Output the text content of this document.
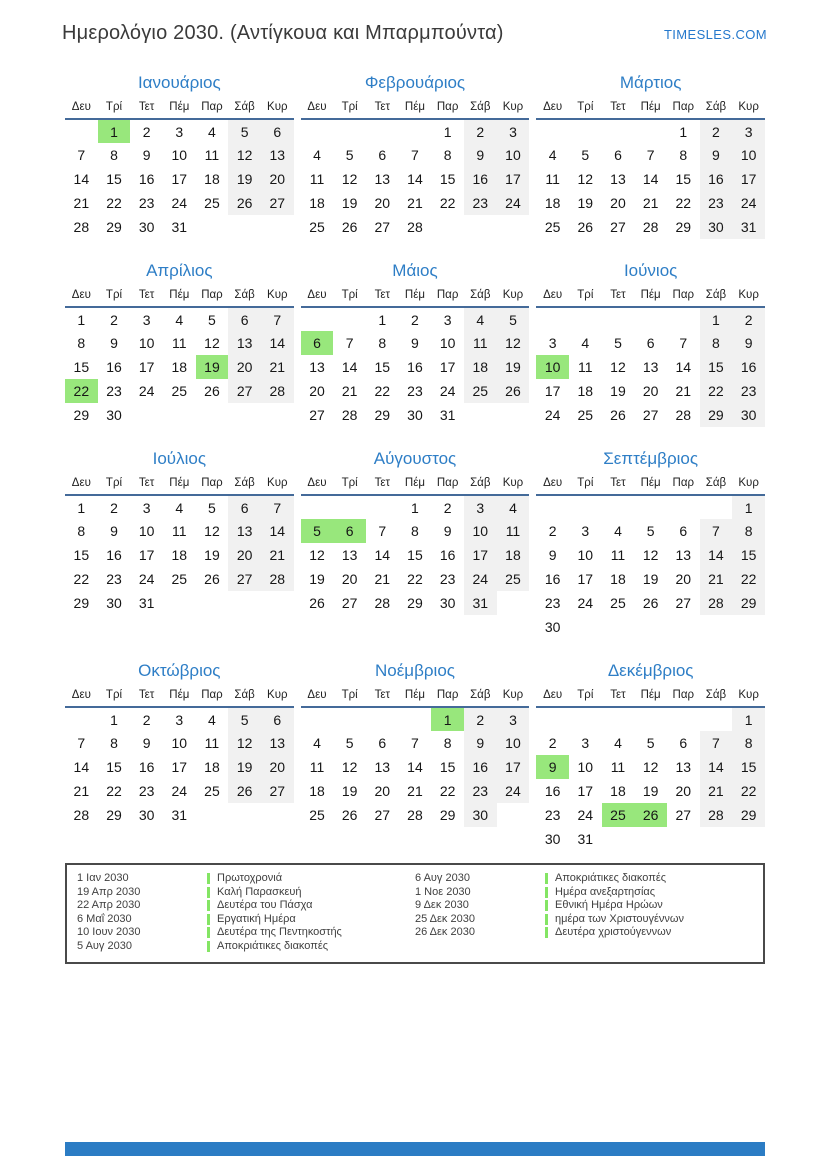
Ημερολόγιο 2030. (Αντίγκουα και Μπαρμπούντα)	TIMESLES.COM
Ιανουάριος
Δευ	Τρί	Τετ	Πέμ	Παρ	Σάβ	Κυρ
	1	2	3	4	5	6
7	8	9	10	11	12	13
14	15	16	17	18	19	20
21	22	23	24	25	26	27
28	29	30	31			
Φεβρουάριος
Δευ	Τρί	Τετ	Πέμ	Παρ	Σάβ	Κυρ
				1	2	3
4	5	6	7	8	9	10
11	12	13	14	15	16	17
18	19	20	21	22	23	24
25	26	27	28			
Μάρτιος
Δευ	Τρί	Τετ	Πέμ	Παρ	Σάβ	Κυρ
				1	2	3
4	5	6	7	8	9	10
11	12	13	14	15	16	17
18	19	20	21	22	23	24
25	26	27	28	29	30	31
Απρίλιος
Δευ	Τρί	Τετ	Πέμ	Παρ	Σάβ	Κυρ
1	2	3	4	5	6	7
8	9	10	11	12	13	14
15	16	17	18	19	20	21
22	23	24	25	26	27	28
29	30					
Μάιος
Δευ	Τρί	Τετ	Πέμ	Παρ	Σάβ	Κυρ
		1	2	3	4	5
6	7	8	9	10	11	12
13	14	15	16	17	18	19
20	21	22	23	24	25	26
27	28	29	30	31		
Ιούνιος
Δευ	Τρί	Τετ	Πέμ	Παρ	Σάβ	Κυρ
					1	2
3	4	5	6	7	8	9
10	11	12	13	14	15	16
17	18	19	20	21	22	23
24	25	26	27	28	29	30
Ιούλιος
Δευ	Τρί	Τετ	Πέμ	Παρ	Σάβ	Κυρ
1	2	3	4	5	6	7
8	9	10	11	12	13	14
15	16	17	18	19	20	21
22	23	24	25	26	27	28
29	30	31				
Αύγουστος
Δευ	Τρί	Τετ	Πέμ	Παρ	Σάβ	Κυρ
			1	2	3	4
5	6	7	8	9	10	11
12	13	14	15	16	17	18
19	20	21	22	23	24	25
26	27	28	29	30	31	
Σεπτέμβριος
Δευ	Τρί	Τετ	Πέμ	Παρ	Σάβ	Κυρ
						1
2	3	4	5	6	7	8
9	10	11	12	13	14	15
16	17	18	19	20	21	22
23	24	25	26	27	28	29
30						
Οκτώβριος
Δευ	Τρί	Τετ	Πέμ	Παρ	Σάβ	Κυρ
	1	2	3	4	5	6
7	8	9	10	11	12	13
14	15	16	17	18	19	20
21	22	23	24	25	26	27
28	29	30	31			
Νοέμβριος
Δευ	Τρί	Τετ	Πέμ	Παρ	Σάβ	Κυρ
				1	2	3
4	5	6	7	8	9	10
11	12	13	14	15	16	17
18	19	20	21	22	23	24
25	26	27	28	29	30	
Δεκέμβριος
Δευ	Τρί	Τετ	Πέμ	Παρ	Σάβ	Κυρ
						1
2	3	4	5	6	7	8
9	10	11	12	13	14	15
16	17	18	19	20	21	22
23	24	25	26	27	28	29
30	31					
1 Ιαν 2030	Πρωτοχρονιά
19 Απρ 2030	Καλή Παρασκευή
22 Απρ 2030	Δευτέρα του Πάσχα
6 Μαΐ 2030	Εργατική Ημέρα
10 Ιουν 2030	Δευτέρα της Πεντηκοστής
5 Αυγ 2030	Αποκριάτικες διακοπές
6 Αυγ 2030	Αποκριάτικες διακοπές
1 Νοε 2030	Ημέρα ανεξαρτησίας
9 Δεκ 2030	Εθνική Ημέρα Ηρώων
25 Δεκ 2030	ημέρα των Χριστουγέννων
26 Δεκ 2030	Δευτέρα χριστούγεννων
